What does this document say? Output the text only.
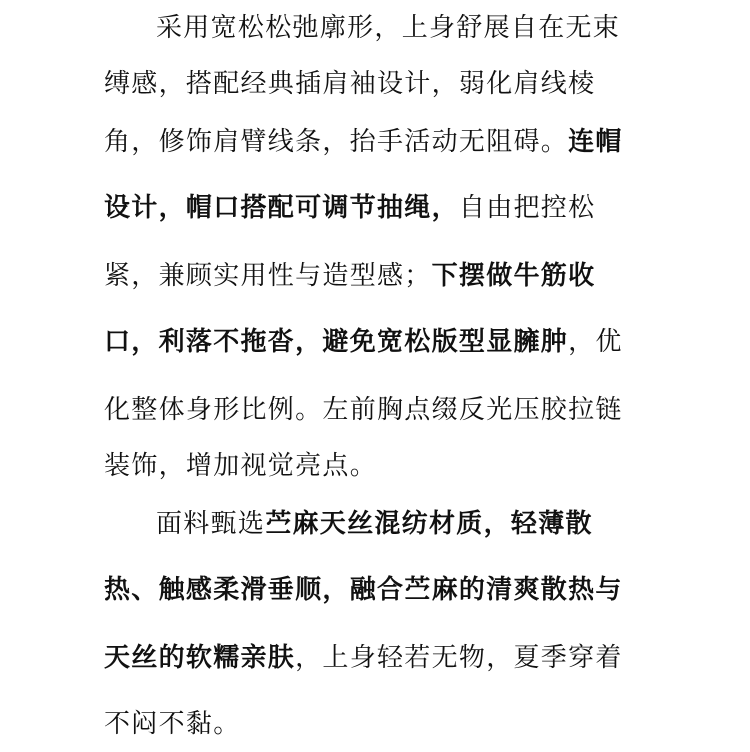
采用宽松松弛廓形，上身舒展自在无束
缚感，搭配经典插肩袖设计，弱化肩线棱
角，修饰肩臂线条，抬手活动无阻碍。连帽
设计，帽口搭配可调节抽绳，自由把控松
紧，兼顾实用性与造型感；下摆做牛筋收
口，利落不拖沓，避免宽松版型显臃肿，优
化整体身形比例。左前胸点缀反光压胶拉链
装饰，增加视觉亮点。
面料甄选苎麻天丝混纺材质，轻薄散
热、触感柔滑垂顺，融合苎麻的清爽散热与
天丝的软糯亲肤，上身轻若无物，夏季穿着
不闷不黏。
